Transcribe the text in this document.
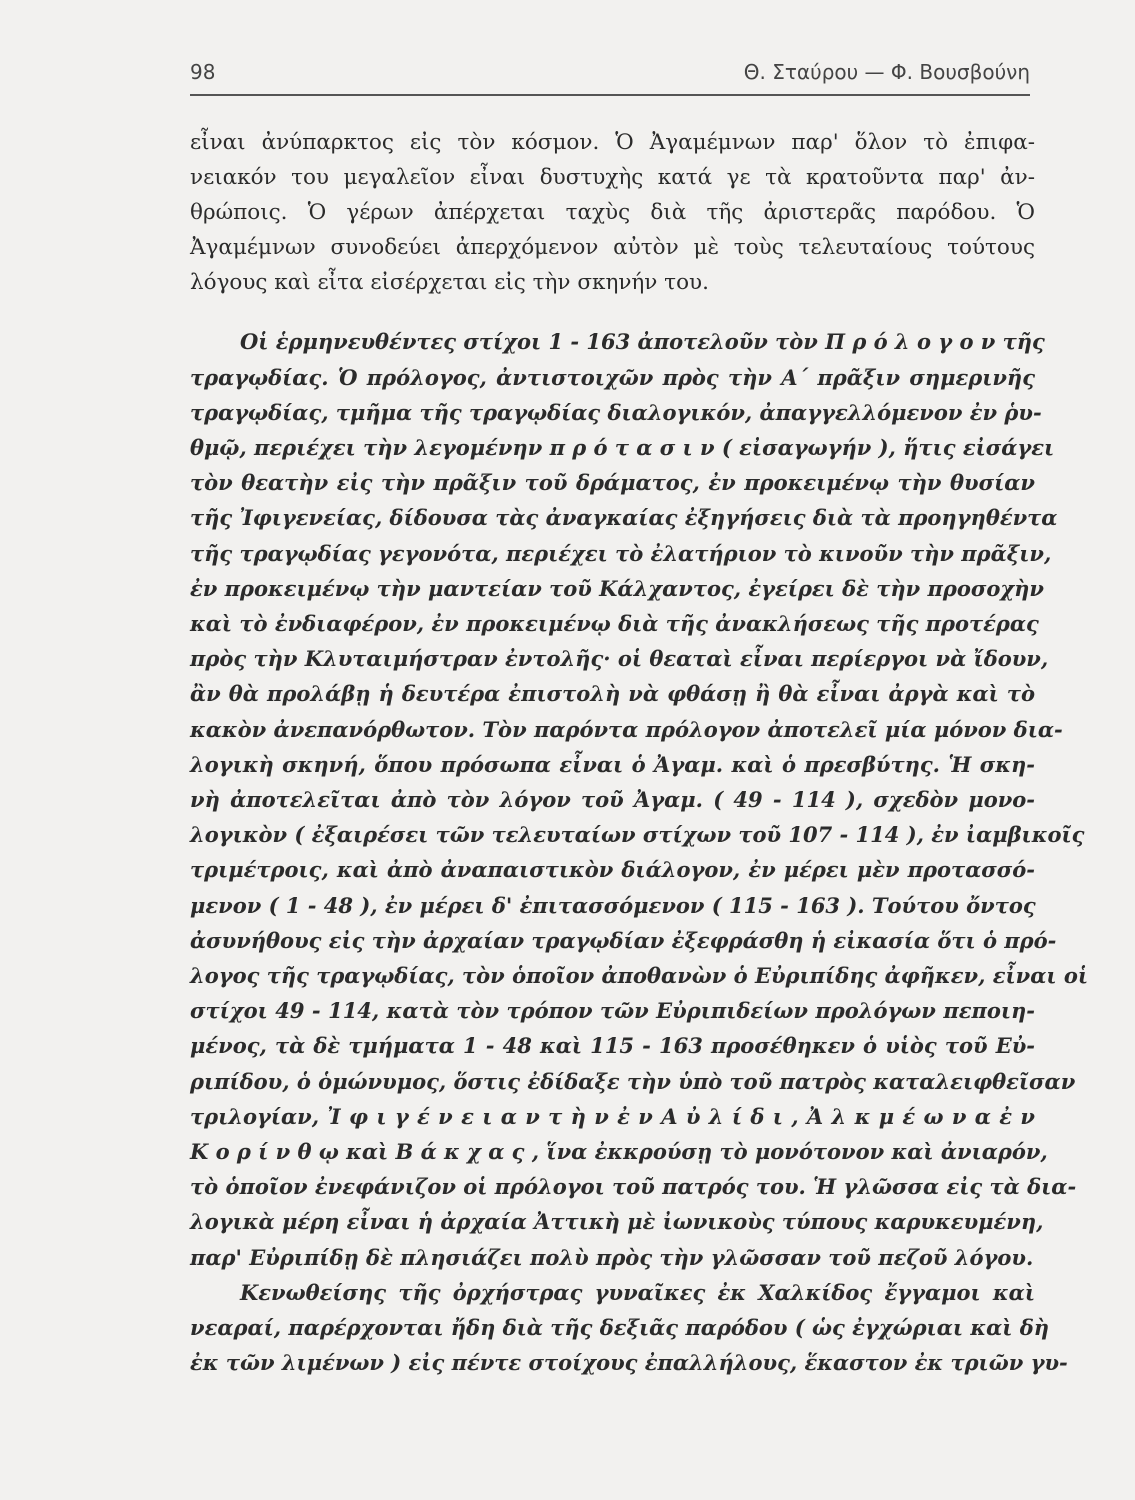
98	Θ. Σταύρου — Φ. Βουσβούνη
εἶναι ἀνύπαρκτος εἰς τὸν κόσμον. Ὁ Ἀγαμέμνων παρ' ὅλον τὸ ἐπιφα-
νειακόν του μεγαλεῖον εἶναι δυστυχὴς κατά γε τὰ κρατοῦντα παρ' ἀν-
θρώποις. Ὁ γέρων ἀπέρχεται ταχὺς διὰ τῆς ἀριστερᾶς παρόδου. Ὁ
Ἀγαμέμνων συνοδεύει ἀπερχόμενον αὐτὸν μὲ τοὺς τελευταίους τούτους
λόγους καὶ εἶτα εἰσέρχεται εἰς τὴν σκηνήν του.
Οἱ ἑρμηνευθέντες στίχοι 1 - 163 ἀποτελοῦν τὸν Π ρ ό λ ο γ ο ν τῆς
τραγῳδίας. Ὁ πρόλογος, ἀντιστοιχῶν πρὸς τὴν Α΄ πρᾶξιν σημερινῆς
τραγῳδίας, τμῆμα τῆς τραγῳδίας διαλογικόν, ἀπαγγελλόμενον ἐν ῥυ-
θμῷ, περιέχει τὴν λεγομένην π ρ ό τ α σ ι ν ( εἰσαγωγήν ), ἥτις εἰσάγει
τὸν θεατὴν εἰς τὴν πρᾶξιν τοῦ δράματος, ἐν προκειμένῳ τὴν θυσίαν
τῆς Ἰφιγενείας, δίδουσα τὰς ἀναγκαίας ἐξηγήσεις διὰ τὰ προηγηθέντα
τῆς τραγῳδίας γεγονότα, περιέχει τὸ ἐλατήριον τὸ κινοῦν τὴν πρᾶξιν,
ἐν προκειμένῳ τὴν μαντείαν τοῦ Κάλχαντος, ἐγείρει δὲ τὴν προσοχὴν
καὶ τὸ ἐνδιαφέρον, ἐν προκειμένῳ διὰ τῆς ἀνακλήσεως τῆς προτέρας
πρὸς τὴν Κλυταιμήστραν ἐντολῆς· οἱ θεαταὶ εἶναι περίεργοι νὰ ἴδουν,
ἂν θὰ προλάβῃ ἡ δευτέρα ἐπιστολὴ νὰ φθάσῃ ἢ θὰ εἶναι ἀργὰ καὶ τὸ
κακὸν ἀνεπανόρθωτον. Τὸν παρόντα πρόλογον ἀποτελεῖ μία μόνον δια-
λογικὴ σκηνή, ὅπου πρόσωπα εἶναι ὁ Ἀγαμ. καὶ ὁ πρεσβύτης. Ἡ σκη-
νὴ ἀποτελεῖται ἀπὸ τὸν λόγον τοῦ Ἀγαμ. ( 49 - 114 ), σχεδὸν μονο-
λογικὸν ( ἐξαιρέσει τῶν τελευταίων στίχων τοῦ 107 - 114 ), ἐν ἰαμβικοῖς
τριμέτροις, καὶ ἀπὸ ἀναπαιστικὸν διάλογον, ἐν μέρει μὲν προτασσό-
μενον ( 1 - 48 ), ἐν μέρει δ' ἐπιτασσόμενον ( 115 - 163 ). Τούτου ὄντος
ἀσυνήθους εἰς τὴν ἀρχαίαν τραγῳδίαν ἐξεφράσθη ἡ εἰκασία ὅτι ὁ πρό-
λογος τῆς τραγῳδίας, τὸν ὁποῖον ἀποθανὼν ὁ Εὐριπίδης ἀφῆκεν, εἶναι οἱ
στίχοι 49 - 114, κατὰ τὸν τρόπον τῶν Εὐριπιδείων προλόγων πεποιη-
μένος, τὰ δὲ τμήματα 1 - 48 καὶ 115 - 163 προσέθηκεν ὁ υἱὸς τοῦ Εὐ-
ριπίδου, ὁ ὁμώνυμος, ὅστις ἐδίδαξε τὴν ὑπὸ τοῦ πατρὸς καταλειφθεῖσαν
τριλογίαν, Ἰ φ ι γ έ ν ε ι α ν τ ὴ ν ἐ ν Α ὐ λ ί δ ι , Ἀ λ κ μ έ ω ν α ἐ ν
Κ ο ρ ί ν θ ῳ καὶ Β ά κ χ α ς , ἵνα ἐκκρούσῃ τὸ μονότονον καὶ ἀνιαρόν,
τὸ ὁποῖον ἐνεφάνιζον οἱ πρόλογοι τοῦ πατρός του. Ἡ γλῶσσα εἰς τὰ δια-
λογικὰ μέρη εἶναι ἡ ἀρχαία Ἀττικὴ μὲ ἰωνικοὺς τύπους καρυκευμένη,
παρ' Εὐριπίδῃ δὲ πλησιάζει πολὺ πρὸς τὴν γλῶσσαν τοῦ πεζοῦ λόγου.
Κενωθείσης τῆς ὀρχήστρας γυναῖκες ἐκ Χαλκίδος ἔγγαμοι καὶ
νεαραί, παρέρχονται ἤδη διὰ τῆς δεξιᾶς παρόδου ( ὡς ἐγχώριαι καὶ δὴ
ἐκ τῶν λιμένων ) εἰς πέντε στοίχους ἐπαλλήλους, ἕκαστον ἐκ τριῶν γυ-
